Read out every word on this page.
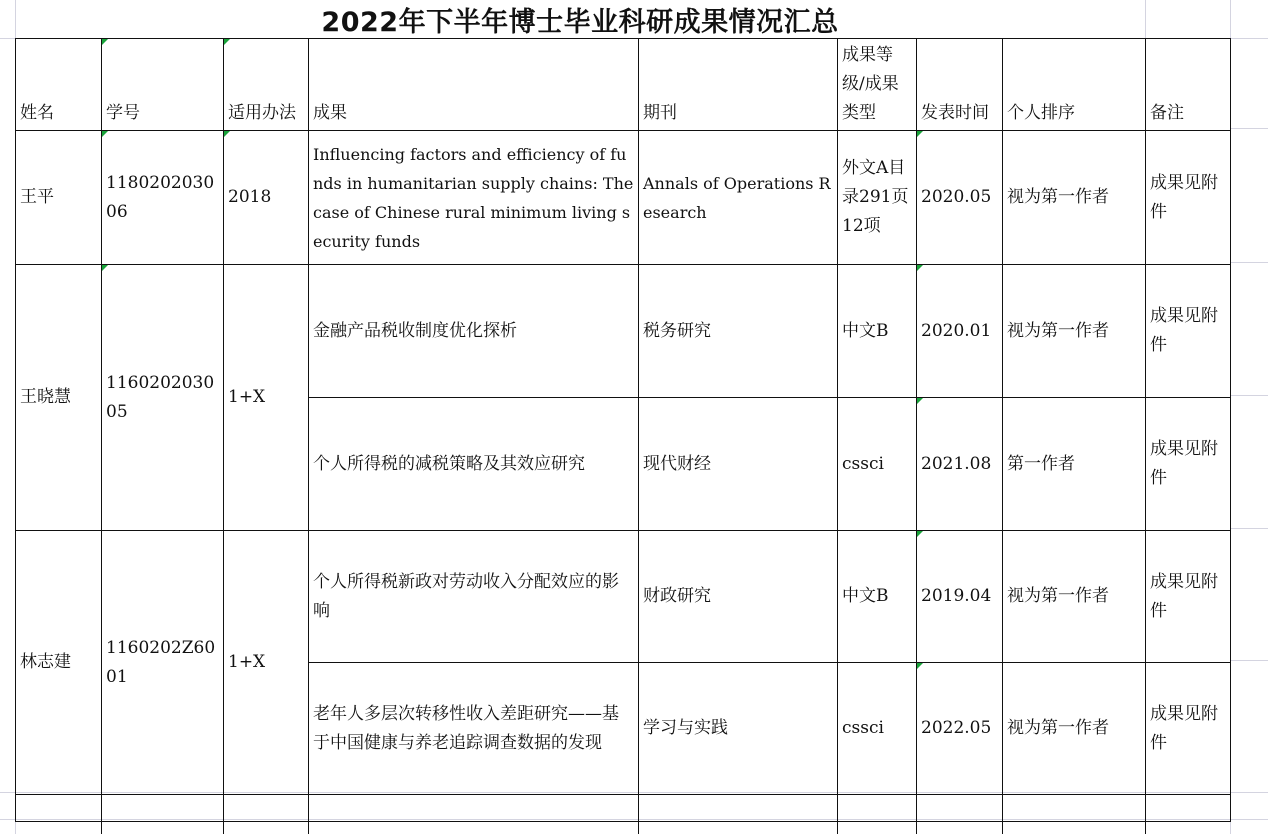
2022年下半年博士毕业科研成果情况汇总
姓名	学号	适用办法	成果	期刊	成果等级/成果类型	发表时间	个人排序	备注
王平	118020203006	2018	Influencing factors and efficiency of funds in humanitarian supply chains: The case of Chinese rural minimum living security funds	Annals of Operations Research	外文A目录291页12项	2020.05	视为第一作者	成果见附件
王晓慧	116020203005	1+X	金融产品税收制度优化探析	税务研究	中文B	2020.01	视为第一作者	成果见附件
			个人所得税的减税策略及其效应研究	现代财经	cssci	2021.08	第一作者	成果见附件
林志建	1160202Z6001	1+X	个人所得税新政对劳动收入分配效应的影响	财政研究	中文B	2019.04	视为第一作者	成果见附件
			老年人多层次转移性收入差距研究——基于中国健康与养老追踪调查数据的发现	学习与实践	cssci	2022.05	视为第一作者	成果见附件
